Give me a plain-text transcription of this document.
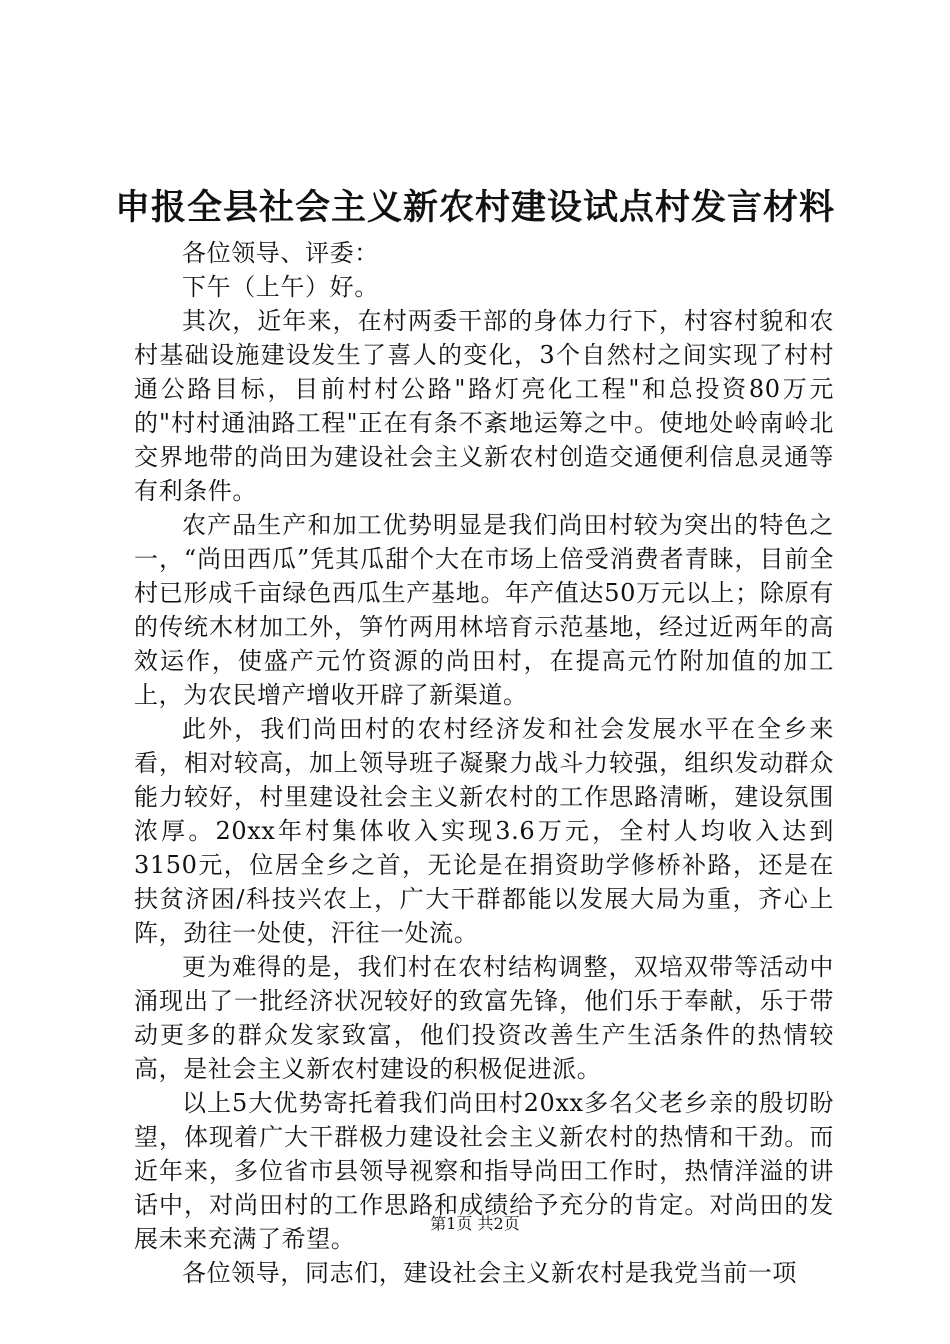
申报全县社会主义新农村建设试点村发言材料

各位领导、评委：

下午（上午）好。

其次，近年来，在村两委干部的身体力行下，村容村貌和农村基础设施建设发生了喜人的变化，3个自然村之间实现了村村通公路目标，目前村村公路"路灯亮化工程"和总投资80万元的"村村通油路工程"正在有条不紊地运筹之中。使地处岭南岭北交界地带的尚田为建设社会主义新农村创造交通便利信息灵通等有利条件。

农产品生产和加工优势明显是我们尚田村较为突出的特色之一，“尚田西瓜”凭其瓜甜个大在市场上倍受消费者青睐，目前全村已形成千亩绿色西瓜生产基地。年产值达50万元以上；除原有的传统木材加工外，笋竹两用林培育示范基地，经过近两年的高效运作，使盛产元竹资源的尚田村，在提高元竹附加值的加工上，为农民增产增收开辟了新渠道。

此外，我们尚田村的农村经济发和社会发展水平在全乡来看，相对较高，加上领导班子凝聚力战斗力较强，组织发动群众能力较好，村里建设社会主义新农村的工作思路清晰，建设氛围浓厚。20xx年村集体收入实现3.6万元，全村人均收入达到3150元，位居全乡之首，无论是在捐资助学修桥补路，还是在扶贫济困/科技兴农上，广大干群都能以发展大局为重，齐心上阵，劲往一处使，汗往一处流。

更为难得的是，我们村在农村结构调整，双培双带等活动中涌现出了一批经济状况较好的致富先锋，他们乐于奉献，乐于带动更多的群众发家致富，他们投资改善生产生活条件的热情较高，是社会主义新农村建设的积极促进派。

以上5大优势寄托着我们尚田村20xx多名父老乡亲的殷切盼望，体现着广大干群极力建设社会主义新农村的热情和干劲。而近年来，多位省市县领导视察和指导尚田工作时，热情洋溢的讲话中，对尚田村的工作思路和成绩给予充分的肯定。对尚田的发展未来充满了希望。

各位领导，同志们，建设社会主义新农村是我党当前一项

第1页 共2页
